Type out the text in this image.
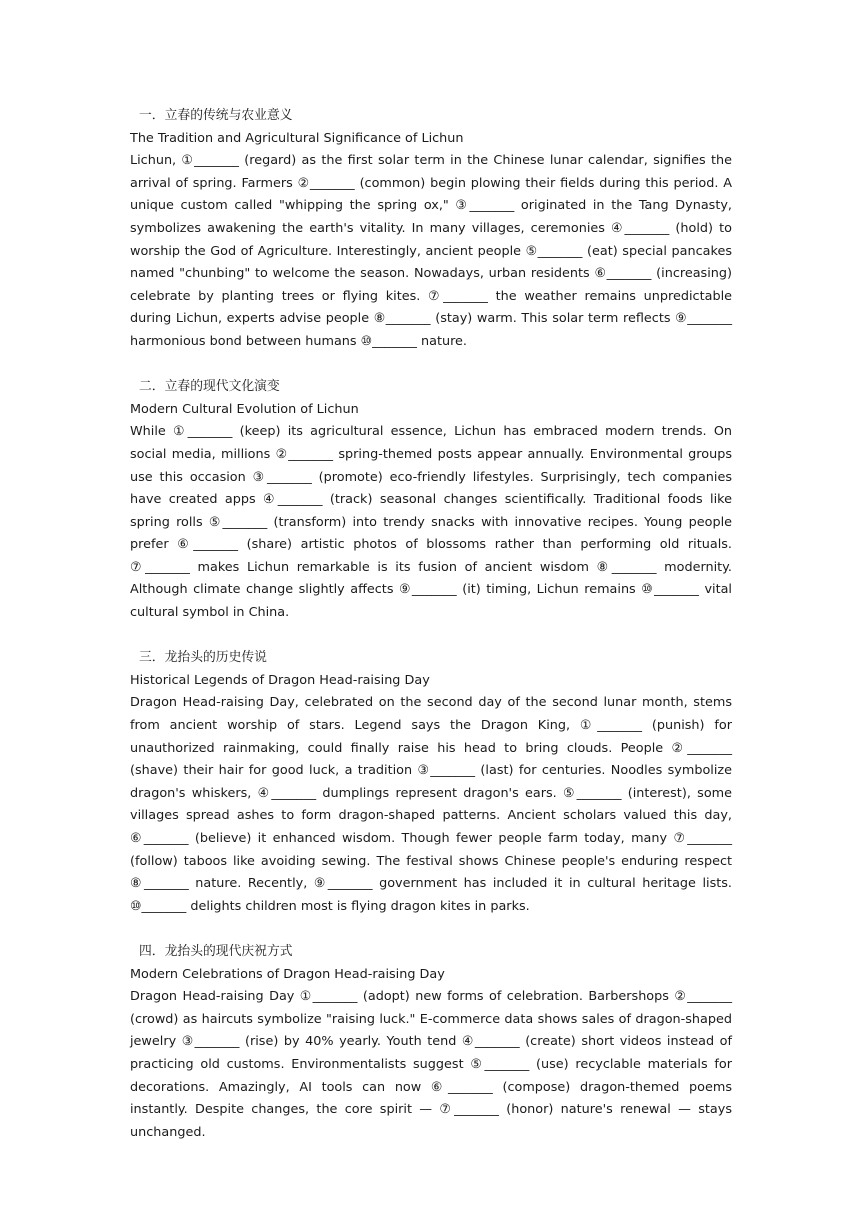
一．立春的传统与农业意义
The Tradition and Agricultural Significance of Lichun
Lichun, ①_______ (regard) as the first solar term in the Chinese lunar calendar, signifies the arrival of spring. Farmers ②_______ (common) begin plowing their fields during this period. A unique custom called "whipping the spring ox," ③_______ originated in the Tang Dynasty, symbolizes awakening the earth's vitality. In many villages, ceremonies ④_______ (hold) to worship the God of Agriculture. Interestingly, ancient people ⑤_______ (eat) special pancakes named "chunbing" to welcome the season. Nowadays, urban residents ⑥_______ (increasing) celebrate by planting trees or flying kites. ⑦_______ the weather remains unpredictable during Lichun, experts advise people ⑧_______ (stay) warm. This solar term reflects ⑨_______ harmonious bond between humans ⑩_______ nature.
二．立春的现代文化演变
Modern Cultural Evolution of Lichun
While ①_______ (keep) its agricultural essence, Lichun has embraced modern trends. On social media, millions ②_______ spring-themed posts appear annually. Environmental groups use this occasion ③_______ (promote) eco-friendly lifestyles. Surprisingly, tech companies have created apps ④_______ (track) seasonal changes scientifically. Traditional foods like spring rolls ⑤_______ (transform) into trendy snacks with innovative recipes. Young people prefer ⑥_______ (share) artistic photos of blossoms rather than performing old rituals. ⑦_______ makes Lichun remarkable is its fusion of ancient wisdom ⑧_______ modernity. Although climate change slightly affects ⑨_______ (it) timing, Lichun remains ⑩_______ vital cultural symbol in China.
三．龙抬头的历史传说
Historical Legends of Dragon Head-raising Day
Dragon Head-raising Day, celebrated on the second day of the second lunar month, stems from ancient worship of stars. Legend says the Dragon King, ①_______ (punish) for unauthorized rainmaking, could finally raise his head to bring clouds. People ②_______ (shave) their hair for good luck, a tradition ③_______ (last) for centuries. Noodles symbolize dragon's whiskers, ④_______ dumplings represent dragon's ears. ⑤_______ (interest), some villages spread ashes to form dragon-shaped patterns. Ancient scholars valued this day, ⑥_______ (believe) it enhanced wisdom. Though fewer people farm today, many ⑦_______ (follow) taboos like avoiding sewing. The festival shows Chinese people's enduring respect ⑧_______ nature. Recently, ⑨_______ government has included it in cultural heritage lists. ⑩_______ delights children most is flying dragon kites in parks.
四．龙抬头的现代庆祝方式
Modern Celebrations of Dragon Head-raising Day
Dragon Head-raising Day ①_______ (adopt) new forms of celebration. Barbershops ②_______ (crowd) as haircuts symbolize "raising luck." E-commerce data shows sales of dragon-shaped jewelry ③_______ (rise) by 40% yearly. Youth tend ④_______ (create) short videos instead of practicing old customs. Environmentalists suggest ⑤_______ (use) recyclable materials for decorations. Amazingly, AI tools can now ⑥_______ (compose) dragon-themed poems instantly. Despite changes, the core spirit — ⑦_______ (honor) nature's renewal — stays unchanged.
